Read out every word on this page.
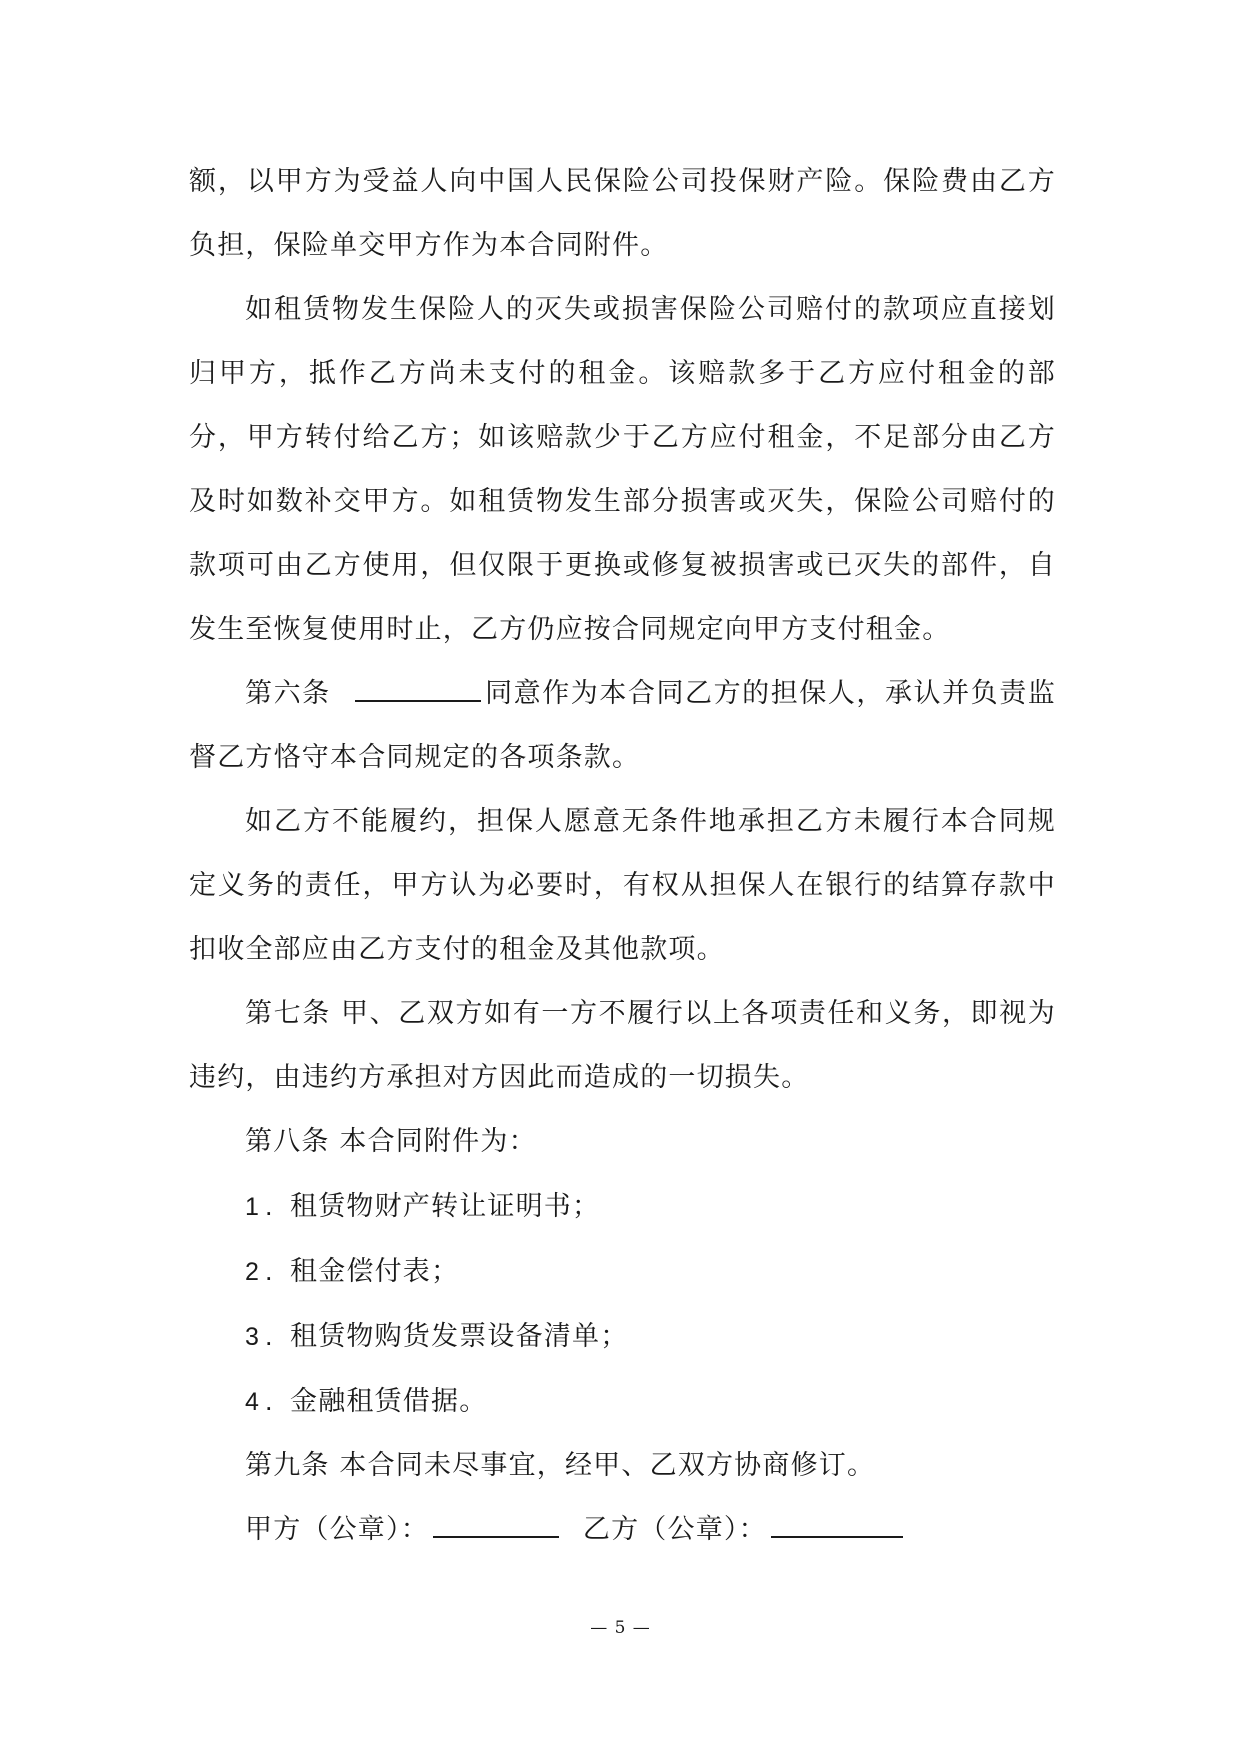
额，以甲方为受益人向中国人民保险公司投保财产险。保险费由乙方负担，保险单交甲方作为本合同附件。

如租赁物发生保险人的灭失或损害保险公司赔付的款项应直接划归甲方，抵作乙方尚未支付的租金。该赔款多于乙方应付租金的部分，甲方转付给乙方；如该赔款少于乙方应付租金，不足部分由乙方及时如数补交甲方。如租赁物发生部分损害或灭失，保险公司赔付的款项可由乙方使用，但仅限于更换或修复被损害或已灭失的部件，自发生至恢复使用时止，乙方仍应按合同规定向甲方支付租金。

第六条	同意作为本合同乙方的担保人，承认并负责监督乙方恪守本合同规定的各项条款。

如乙方不能履约，担保人愿意无条件地承担乙方未履行本合同规定义务的责任，甲方认为必要时，有权从担保人在银行的结算存款中扣收全部应由乙方支付的租金及其他款项。

第七条 甲、乙双方如有一方不履行以上各项责任和义务，即视为违约，由违约方承担对方因此而造成的一切损失。

第八条 本合同附件为：

1 . 租赁物财产转让证明书；
2 . 租金偿付表；
3 . 租赁物购货发票设备清单；
4 . 金融租赁借据。

第九条 本合同未尽事宜，经甲、乙双方协商修订。

甲方（公章）：	乙方（公章）：
— 5 —
